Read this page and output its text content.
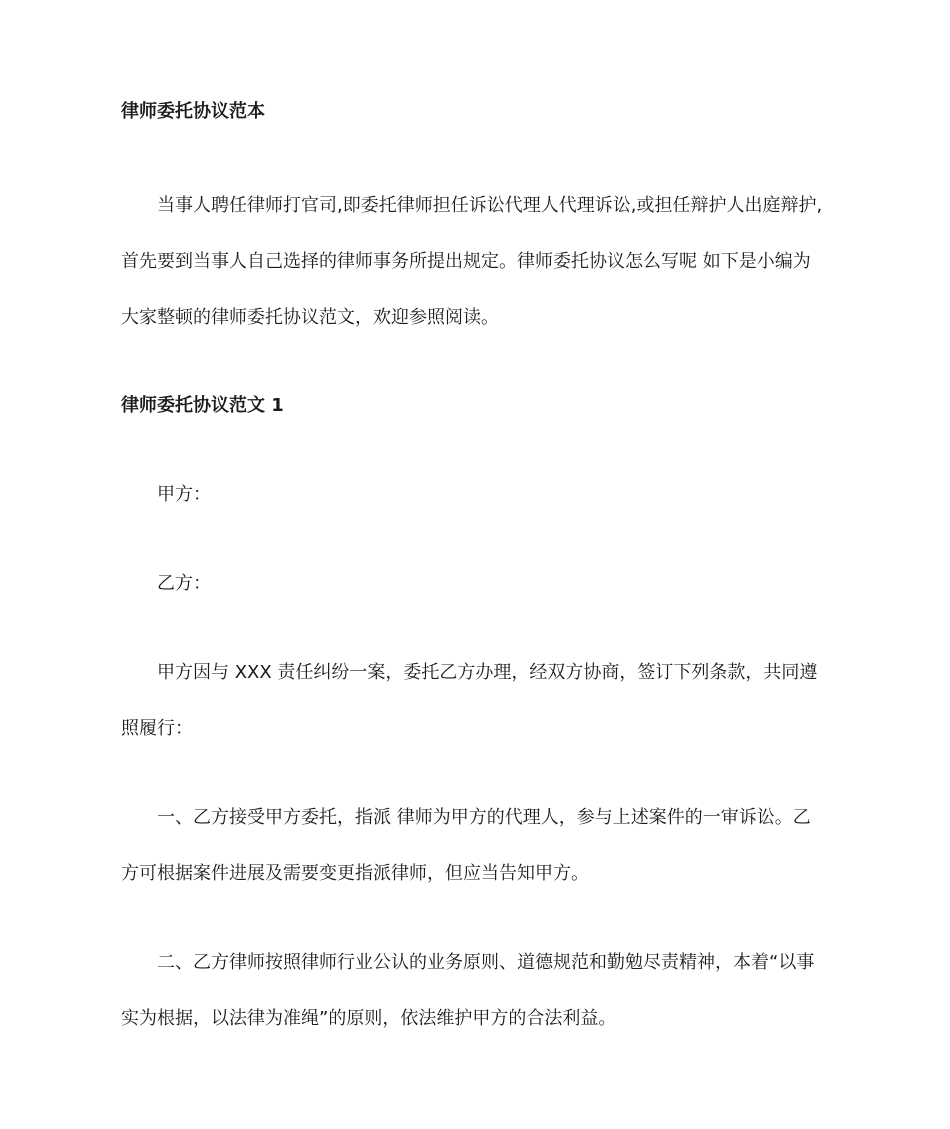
律师委托协议范本
当事人聘任律师打官司,即委托律师担任诉讼代理人代理诉讼,或担任辩护人出庭辩护,
首先要到当事人自己选择的律师事务所提出规定。律师委托协议怎么写呢 如下是小编为
大家整顿的律师委托协议范文，欢迎参照阅读。
律师委托协议范文 1
甲方：
乙方：
甲方因与 XXX 责任纠纷一案，委托乙方办理，经双方协商，签订下列条款，共同遵
照履行：
一、乙方接受甲方委托，指派 律师为甲方的代理人，参与上述案件的一审诉讼。乙
方可根据案件进展及需要变更指派律师，但应当告知甲方。
二、乙方律师按照律师行业公认的业务原则、道德规范和勤勉尽责精神，本着“以事
实为根据，以法律为准绳”的原则，依法维护甲方的合法利益。
